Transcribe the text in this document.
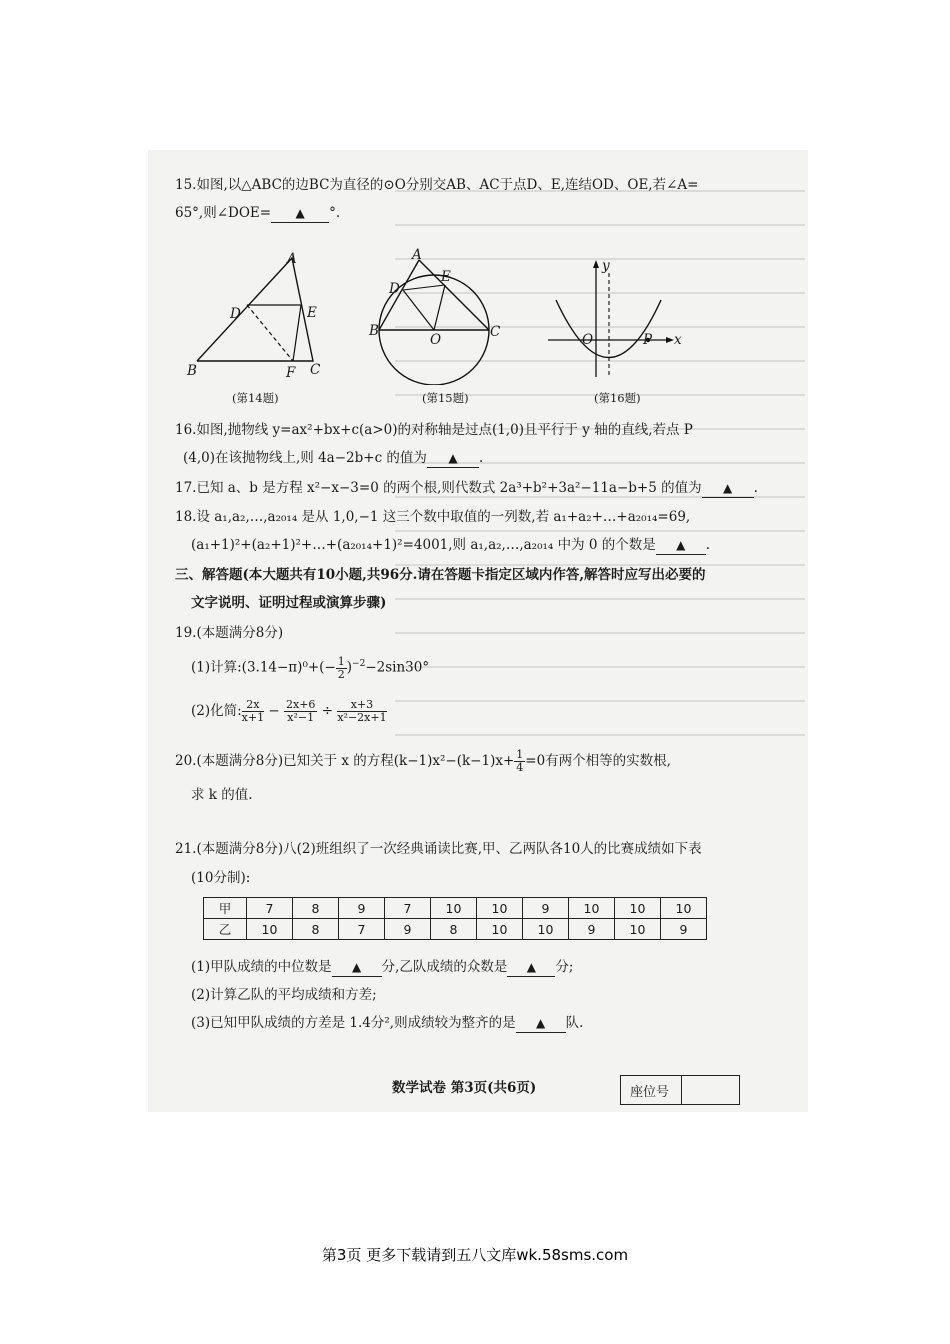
15.如图,以△ABC的边BC为直径的⊙O分别交AB、AC于点D、E,连结OD、OE,若∠A=
65°,则∠DOE= ▲ °.
A
D	E
B	F C
(第14题)
A
E
D
B
O	C
(第15题)
y
O	P x
(第16题)
16.如图,抛物线 y=ax²+bx+c(a>0)的对称轴是过点(1,0)且平行于 y 轴的直线,若点 P
(4,0)在该抛物线上,则 4a−2b+c 的值为 ▲ .
17.已知 a、b 是方程 x²−x−3=0 的两个根,则代数式 2a³+b²+3a²−11a−b+5 的值为 ▲ .
18.设 a₁,a₂,…,a₂₀₁₄ 是从 1,0,−1 这三个数中取值的一列数,若 a₁+a₂+…+a₂₀₁₄=69,
(a₁+1)²+(a₂+1)²+…+(a₂₀₁₄+1)²=4001,则 a₁,a₂,…,a₂₀₁₄ 中为 0 的个数是 ▲ .
三、解答题(本大题共有10小题,共96分.请在答题卡指定区域内作答,解答时应写出必要的
文字说明、证明过程或演算步骤)
19.(本题满分8分)
(1)计算:(3.14−π)⁰+(− $\frac{1}{2} )^{-2}-2\sin 30^\circ$
(2)化简: $\frac{2x}{x+1} - \frac{2x+6}{\text{x²−1}} \div \frac{x+3}{\text{x²−2x+1}}$
20.(本题满分8分)已知关于 x 的方程$(k-1)x^2-(k-1)x+ \frac{1}{4} =0$有两个相等的实数根,
求 k 的值.
21.(本题满分8分)八(2)班组织了一次经典诵读比赛,甲、乙两队各10人的比赛成绩如下表
(10分制):
甲	7	8	9	7	10	10	9	10	10	10
乙	10	8	7	9	8	10	10	9	10	9
(1)甲队成绩的中位数是 ▲ 分,乙队成绩的众数是 ▲ 分;
(2)计算乙队的平均成绩和方差;
(3)已知甲队成绩的方差是 1.4分²,则成绩较为整齐的是 ▲ 队.
数学试卷 第3页(共6页)	座位号
第3页 更多下载请到五八文库wk.58sms.com
